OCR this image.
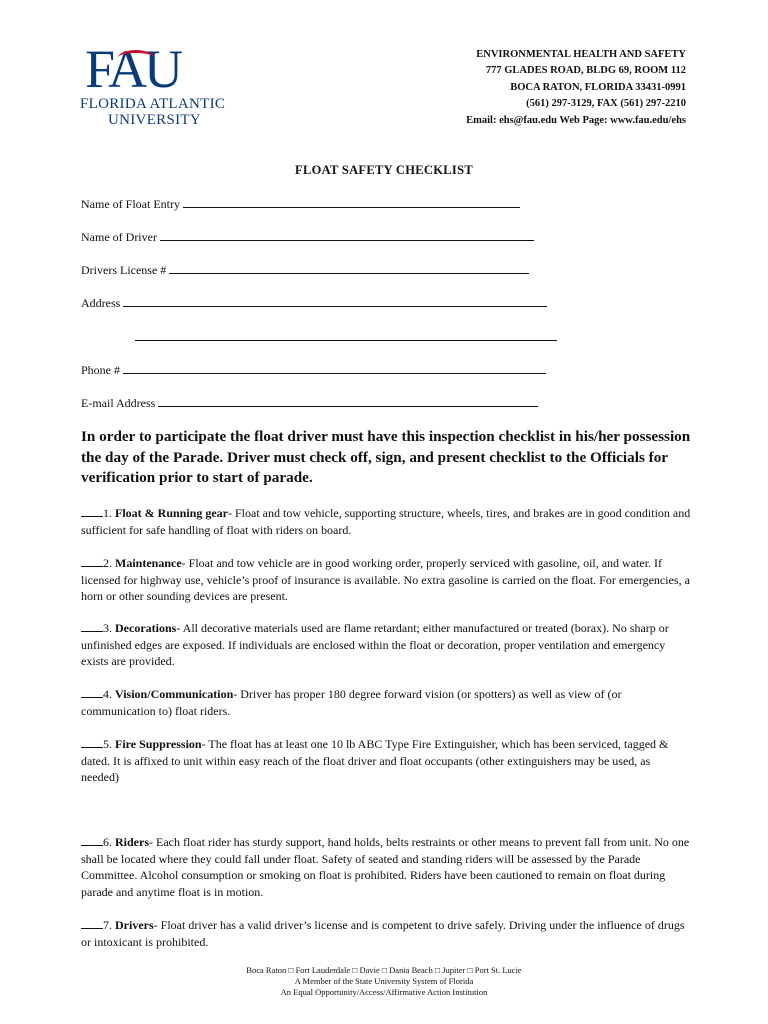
FAU
FLORIDA ATLANTIC
UNIVERSITY
ENVIRONMENTAL HEALTH AND SAFETY
777 GLADES ROAD, BLDG 69, ROOM 112
BOCA RATON, FLORIDA 33431-0991
(561) 297-3129, FAX (561) 297-2210
Email: ehs@fau.edu Web Page: www.fau.edu/ehs
FLOAT SAFETY CHECKLIST
Name of Float Entry
Name of Driver
Drivers License #
Address
Phone #
E-mail Address
In order to participate the float driver must have this inspection checklist in his/her possession the day of the Parade. Driver must check off, sign, and present checklist to the Officials for verification prior to start of parade.
1. Float & Running gear- Float and tow vehicle, supporting structure, wheels, tires, and brakes are in good condition and sufficient for safe handling of float with riders on board.
2. Maintenance- Float and tow vehicle are in good working order, properly serviced with gasoline, oil, and water. If licensed for highway use, vehicle’s proof of insurance is available. No extra gasoline is carried on the float. For emergencies, a horn or other sounding devices are present.
3. Decorations- All decorative materials used are flame retardant; either manufactured or treated (borax). No sharp or unfinished edges are exposed. If individuals are enclosed within the float or decoration, proper ventilation and emergency exists are provided.
4. Vision/Communication- Driver has proper 180 degree forward vision (or spotters) as well as view of (or communication to) float riders.
5. Fire Suppression- The float has at least one 10 lb ABC Type Fire Extinguisher, which has been serviced, tagged & dated. It is affixed to unit within easy reach of the float driver and float occupants (other extinguishers may be used, as needed)
6. Riders- Each float rider has sturdy support, hand holds, belts restraints or other means to prevent fall from unit. No one shall be located where they could fall under float. Safety of seated and standing riders will be assessed by the Parade Committee. Alcohol consumption or smoking on float is prohibited. Riders have been cautioned to remain on float during parade and anytime float is in motion.
7. Drivers- Float driver has a valid driver’s license and is competent to drive safely. Driving under the influence of drugs or intoxicant is prohibited.
Boca Raton □ Fort Lauderdale □ Davie □ Dania Beach □ Jupiter □ Port St. Lucie
A Member of the State University System of Florida
An Equal Opportunity/Access/Affirmative Action Institution
